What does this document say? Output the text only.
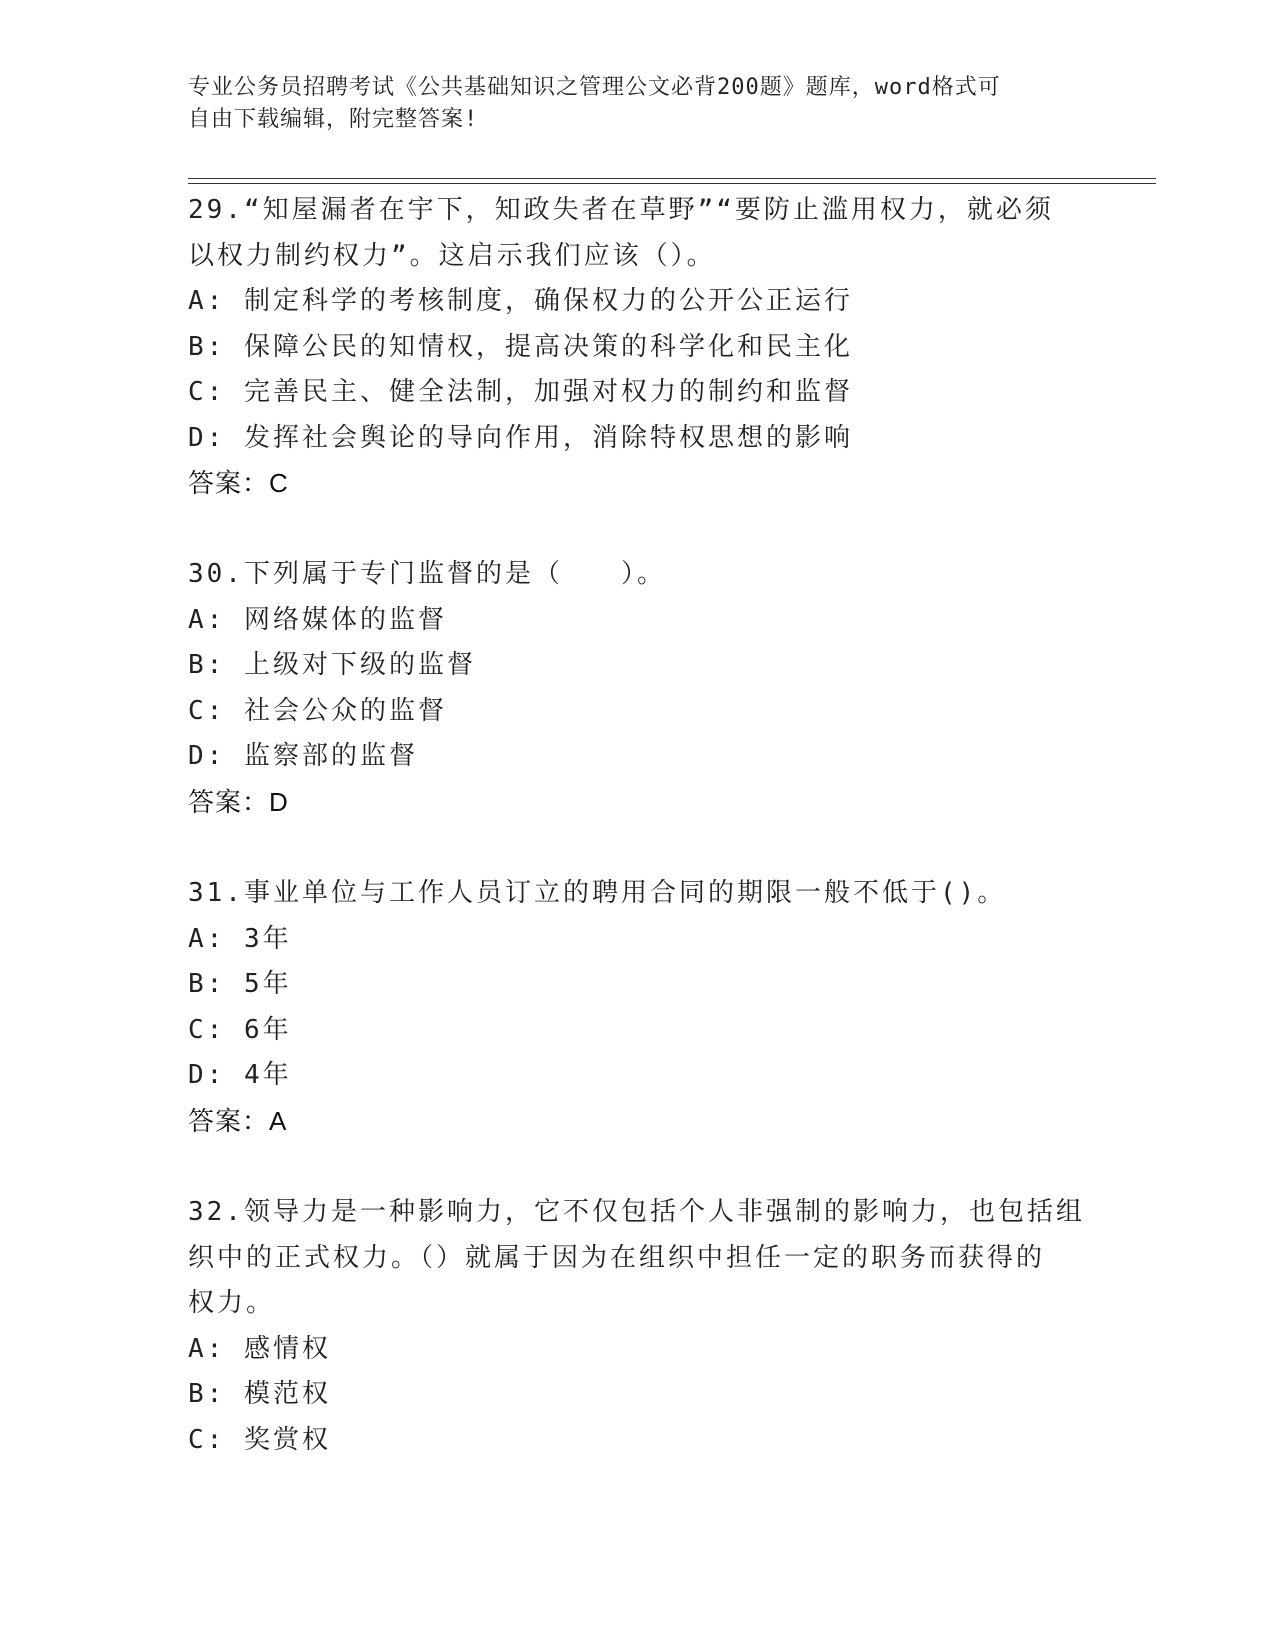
专业公务员招聘考试《公共基础知识之管理公文必背200题》题库，word格式可
自由下载编辑，附完整答案!
29.“知屋漏者在宇下，知政失者在草野”“要防止滥用权力，就必须
以权力制约权力”。这启示我们应该（）。
A: 制定科学的考核制度，确保权力的公开公正运行
B: 保障公民的知情权，提高决策的科学化和民主化
C: 完善民主、健全法制，加强对权力的制约和监督
D: 发挥社会舆论的导向作用，消除特权思想的影响
答案：C
30.下列属于专门监督的是（　　）。
A: 网络媒体的监督
B: 上级对下级的监督
C: 社会公众的监督
D: 监察部的监督
答案：D
31.事业单位与工作人员订立的聘用合同的期限一般不低于()。
A: 3年
B: 5年
C: 6年
D: 4年
答案：A
32.领导力是一种影响力，它不仅包括个人非强制的影响力，也包括组
织中的正式权力。（）就属于因为在组织中担任一定的职务而获得的
权力。
A: 感情权
B: 模范权
C: 奖赏权
